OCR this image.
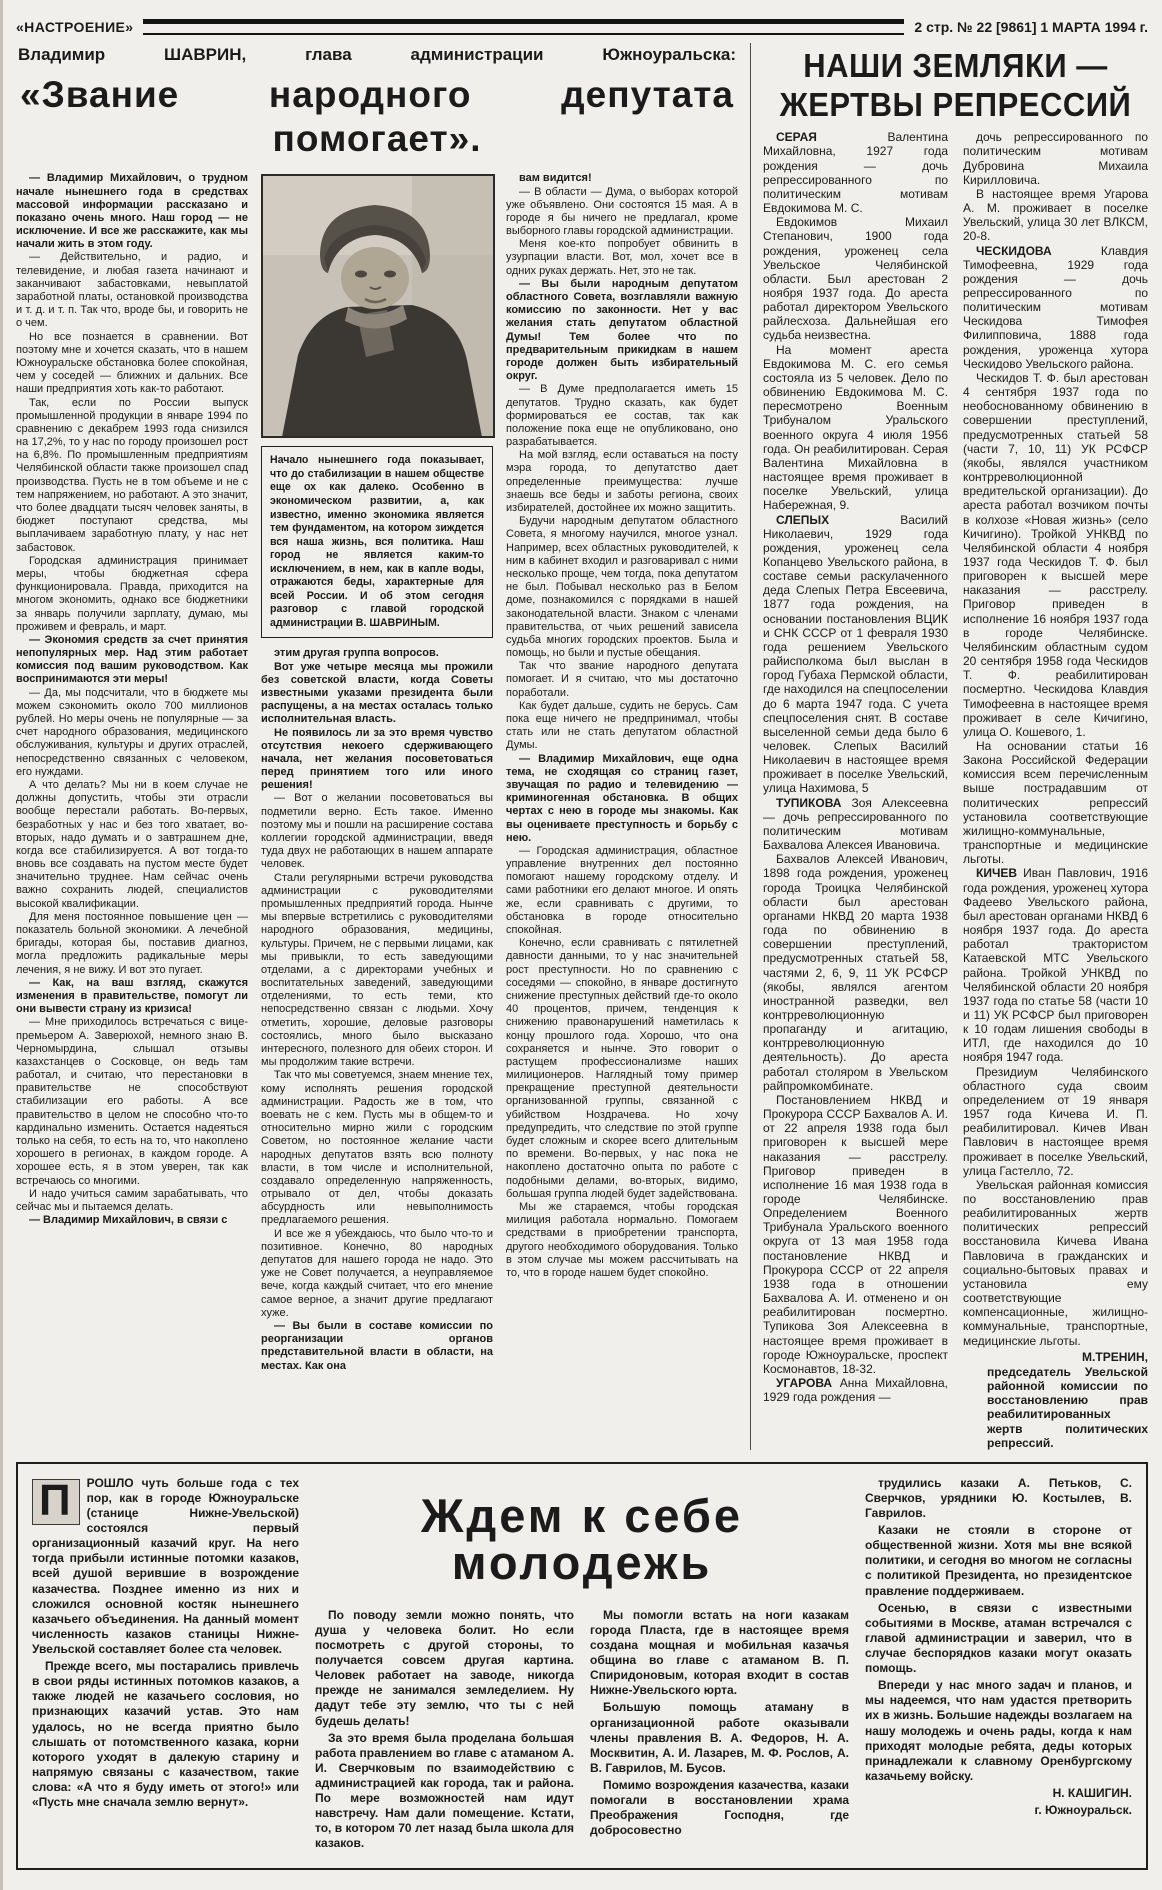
«НАСТРОЕНИЕ»	2 стр. № 22 [9861] 1 МАРТА 1994 г.
Владимир ШАВРИН, глава администрации Южноуральска:
«Звание народного депутата помогает».

— Владимир Михайлович, о трудном начале нынешнего года в средствах массовой информации рассказано и показано очень много. Наш город — не исключение. И все же расскажите, как мы начали жить в этом году.

— Действительно, и радио, и телевидение, и любая газета начинают и заканчивают забастовками, невыплатой заработной платы, остановкой производства и т. д. и т. п. Так что, вроде бы, и говорить не о чем.

Но все познается в сравнении. Вот поэтому мне и хочется сказать, что в нашем Южноуральске обстановка более спокойная, чем у соседей — ближних и дальних. Все наши предприятия хоть как-то работают.

Так, если по России выпуск промышленной продукции в январе 1994 по сравнению с декабрем 1993 года снизился на 17,2%, то у нас по городу произошел рост на 6,8%. По промышленным предприятиям Челябинской области также произошел спад производства. Пусть не в том объеме и не с тем напряжением, но работают. А это значит, что более двадцати тысяч человек заняты, в бюджет поступают средства, мы выплачиваем заработную плату, у нас нет забастовок.

Городская администрация принимает меры, чтобы бюджетная сфера функционировала. Правда, приходится на многом экономить, однако все бюджетники за январь получили зарплату, думаю, мы проживем и февраль, и март.

— Экономия средств за счет принятия непопулярных мер. Над этим работает комиссия под вашим руководством. Как воспринимаются эти меры!

— Да, мы подсчитали, что в бюджете мы можем сэкономить около 700 миллионов рублей. Но меры очень не популярные — за счет народного образования, медицинского обслуживания, культуры и других отраслей, непосредственно связанных с человеком, его нуждами.

А что делать? Мы ни в коем случае не должны допустить, чтобы эти отрасли вообще перестали работать. Во-первых, безработных у нас и без того хватает, во-вторых, надо думать и о завтрашнем дне, когда все стабилизируется. А вот тогда-то вновь все создавать на пустом месте будет значительно труднее. Нам сейчас очень важно сохранить людей, специалистов высокой квалификации.

Для меня постоянное повышение цен — показатель больной экономики. А лечебной бригады, которая бы, поставив диагноз, могла предложить радикальные меры лечения, я не вижу. И вот это пугает.

— Как, на ваш взгляд, скажутся изменения в правительстве, помогут ли они вывести страну из кризиса!

— Мне приходилось встречаться с вице-премьером А. Заверюхой, немного знаю В. Черномырдина, слышал отзывы казахстанцев о Сосковце, он ведь там работал, и считаю, что перестановки в правительстве не способствуют стабилизации его работы. А все правительство в целом не способно что-то кардинально изменить. Остается надеяться только на себя, то есть на то, что накоплено хорошего в регионах, в каждом городе. А хорошее есть, я в этом уверен, так как встречаюсь со многими.

И надо учиться самим зарабатывать, что сейчас мы и пытаемся делать.

— Владимир Михайлович, в связи с

Начало нынешнего года показывает, что до стабилизации в нашем обществе еще ох как далеко. Особенно в экономическом развитии, а, как известно, именно экономика является тем фундаментом, на котором зиждется вся наша жизнь, вся политика. Наш город не является каким-то исключением, в нем, как в капле воды, отражаются беды, характерные для всей России. И об этом сегодня разговор с главой городской администрации В. ШАВРИНЫМ.

этим другая группа вопросов.

Вот уже четыре месяца мы прожили без советской власти, когда Советы известными указами президента были распущены, а на местах осталась только исполнительная власть.

Не появилось ли за это время чувство отсутствия некоего сдерживающего начала, нет желания посоветоваться перед принятием того или иного решения!

— Вот о желании посоветоваться вы подметили верно. Есть такое. Именно поэтому мы и пошли на расширение состава коллегии городской администрации, введя туда двух не работающих в нашем аппарате человек.

Стали регулярными встречи руководства администрации с руководителями промышленных предприятий города. Нынче мы впервые встретились с руководителями народного образования, медицины, культуры. Причем, не с первыми лицами, как мы привыкли, то есть заведующими отделами, а с директорами учебных и воспитательных заведений, заведующими отделениями, то есть теми, кто непосредственно связан с людьми. Хочу отметить, хорошие, деловые разговоры состоялись, много было высказано интересного, полезного для обеих сторон. И мы продолжим такие встречи.

Так что мы советуемся, знаем мнение тех, кому исполнять решения городской администрации. Радость же в том, что воевать не с кем. Пусть мы в общем-то и относительно мирно жили с городским Советом, но постоянное желание части народных депутатов взять всю полноту власти, в том числе и исполнительной, создавало определенную напряженность, отрывало от дел, чтобы доказать абсурдность или невыполнимость предлагаемого решения.

И все же я убеждаюсь, что было что-то и позитивное. Конечно, 80 народных депутатов для нашего города не надо. Это уже не Совет получается, а неуправляемое вече, когда каждый считает, что его мнение самое верное, а значит другие предлагают хуже.

— Вы были в составе комиссии по реорганизации органов представительной власти в области, на местах. Как она

вам видится!

— В области — Дума, о выборах которой уже объявлено. Они состоятся 15 мая. А в городе я бы ничего не предлагал, кроме выборного главы городской администрации.

Меня кое-кто попробует обвинить в узурпации власти. Вот, мол, хочет все в одних руках держать. Нет, это не так.

— Вы были народным депутатом областного Совета, возглавляли важную комиссию по законности. Нет у вас желания стать депутатом областной Думы! Тем более что по предварительным прикидкам в нашем городе должен быть избирательный округ.

— В Думе предполагается иметь 15 депутатов. Трудно сказать, как будет формироваться ее состав, так как положение пока еще не опубликовано, оно разрабатывается.

На мой взгляд, если оставаться на посту мэра города, то депутатство дает определенные преимущества: лучше знаешь все беды и заботы региона, своих избирателей, достойнее их можно защитить.

Будучи народным депутатом областного Совета, я многому научился, многое узнал. Например, всех областных руководителей, к ним в кабинет входил и разговаривал с ними несколько проще, чем тогда, пока депутатом не был. Побывал несколько раз в Белом доме, познакомился с порядками в нашей законодательной власти. Знаком с членами правительства, от чьих решений зависела судьба многих городских проектов. Была и помощь, но были и пустые обещания.

Так что звание народного депутата помогает. И я считаю, что мы достаточно поработали.

Как будет дальше, судить не берусь. Сам пока еще ничего не предпринимал, чтобы стать или не стать депутатом областной Думы.

— Владимир Михайлович, еще одна тема, не сходящая со страниц газет, звучащая по радио и телевидению — криминогенная обстановка. В общих чертах с нею в городе мы знакомы. Как вы оцениваете преступность и борьбу с нею.

— Городская администрация, областное управление внутренних дел постоянно помогают нашему городскому отделу. И сами работники его делают многое. И опять же, если сравнивать с другими, то обстановка в городе относительно спокойная.

Конечно, если сравнивать с пятилетней давности данными, то у нас значительней рост преступности. Но по сравнению с соседями — спокойно, в январе достигнуто снижение преступных действий где-то около 40 процентов, причем, тенденция к снижению правонарушений наметилась к концу прошлого года. Хорошо, что она сохраняется и нынче. Это говорит о растущем профессионализме наших милиционеров. Наглядный тому пример прекращение преступной деятельности организованной группы, связанной с убийством Ноздрачева. Но хочу предупредить, что следствие по этой группе будет сложным и скорее всего длительным по времени. Во-первых, у нас пока не накоплено достаточно опыта по работе с подобными делами, во-вторых, видимо, большая группа людей будет задействована.

Мы же стараемся, чтобы городская милиция работала нормально. Помогаем средствами в приобретении транспорта, другого необходимого оборудования. Только в этом случае мы можем рассчитывать на то, что в городе нашем будет спокойно.

НАШИ ЗЕМЛЯКИ —
ЖЕРТВЫ РЕПРЕССИЙ

СЕРАЯ Валентина Михайловна, 1927 года рождения — дочь репрессированного по политическим мотивам Евдокимова М. С.

Евдокимов Михаил Степанович, 1900 года рождения, уроженец села Увельское Челябинской области. Был арестован 2 ноября 1937 года. До ареста работал директором Увельского райлесхоза. Дальнейшая его судьба неизвестна.

На момент ареста Евдокимова М. С. его семья состояла из 5 человек. Дело по обвинению Евдокимова М. С. пересмотрено Военным Трибуналом Уральского военного округа 4 июля 1956 года. Он реабилитирован. Серая Валентина Михайловна в настоящее время проживает в поселке Увельский, улица Набережная, 9.

СЛЕПЫХ Василий Николаевич, 1929 года рождения, уроженец села Копанцево Увельского района, в составе семьи раскулаченного деда Слепых Петра Евсеевича, 1877 года рождения, на основании постановления ВЦИК и СНК СССР от 1 февраля 1930 года решением Увельского райисполкома был выслан в город Губаха Пермской области, где находился на спецпоселении до 6 марта 1947 года. С учета спецпоселения снят. В составе выселенной семьи деда было 6 человек. Слепых Василий Николаевич в настоящее время проживает в поселке Увельский, улица Нахимова, 5

ТУПИКОВА Зоя Алексеевна — дочь репрессированного по политическим мотивам Бахвалова Алексея Ивановича.

Бахвалов Алексей Иванович, 1898 года рождения, уроженец города Троицка Челябинской области был арестован органами НКВД 20 марта 1938 года по обвинению в совершении преступлений, предусмотренных статьей 58, частями 2, 6, 9, 11 УК РСФСР (якобы, являлся агентом иностранной разведки, вел контрреволюционную пропаганду и агитацию, контрреволюционную деятельность). До ареста работал столяром в Увельском райпромкомбинате.

Постановлением НКВД и Прокурора СССР Бахвалов А. И. от 22 апреля 1938 года был приговорен к высшей мере наказания — расстрелу. Приговор приведен в исполнение 16 мая 1938 года в городе Челябинске. Определением Военного Трибунала Уральского военного округа от 13 мая 1958 года постановление НКВД и Прокурора СССР от 22 апреля 1938 года в отношении Бахвалова А. И. отменено и он реабилитирован посмертно. Тупикова Зоя Алексеевна в настоящее время проживает в городе Южноуральске, проспект Космонавтов, 18-32.

УГАРОВА Анна Михайловна, 1929 года рождения —

дочь репрессированного по политическим мотивам Дубровина Михаила Кирилловича.

В настоящее время Угарова А. М. проживает в поселке Увельский, улица 30 лет ВЛКСМ, 20-8.

ЧЕСКИДОВА Клавдия Тимофеевна, 1929 года рождения — дочь репрессированного по политическим мотивам Ческидова Тимофея Филипповича, 1888 года рождения, уроженца хутора Ческидово Увельского района.

Ческидов Т. Ф. был арестован 4 сентября 1937 года по необоснованному обвинению в совершении преступлений, предусмотренных статьей 58 (части 7, 10, 11) УК РСФСР (якобы, являлся участником контрреволюционной вредительской организации). До ареста работал возчиком почты в колхозе «Новая жизнь» (село Кичигино). Тройкой УНКВД по Челябинской области 4 ноября 1937 года Ческидов Т. Ф. был приговорен к высшей мере наказания — расстрелу. Приговор приведен в исполнение 16 ноября 1937 года в городе Челябинске. Челябинским областным судом 20 сентября 1958 года Ческидов Т. Ф. реабилитирован посмертно. Ческидова Клавдия Тимофеевна в настоящее время проживает в селе Кичигино, улица О. Кошевого, 1.

На основании статьи 16 Закона Российской Федерации комиссия всем перечисленным выше пострадавшим от политических репрессий установила соответствующие жилищно-коммунальные, транспортные и медицинские льготы.

КИЧЕВ Иван Павлович, 1916 года рождения, уроженец хутора Фадеево Увельского района, был арестован органами НКВД 6 ноября 1937 года. До ареста работал трактористом Катаевской МТС Увельского района. Тройкой УНКВД по Челябинской области 20 ноября 1937 года по статье 58 (части 10 и 11) УК РСФСР был приговорен к 10 годам лишения свободы в ИТЛ, где находился до 10 ноября 1947 года.

Президиум Челябинского областного суда своим определением от 19 января 1957 года Кичева И. П. реабилитировал. Кичев Иван Павлович в настоящее время проживает в поселке Увельский, улица Гастелло, 72.

Увельская районная комиссия по восстановлению прав реабилитированных жертв политических репрессий восстановила Кичева Ивана Павловича в гражданских и социально-бытовых правах и установила ему соответствующие компенсационные, жилищно-коммунальные, транспортные, медицинские льготы.

М.ТРЕНИН,

председатель Увельской районной комиссии по восстановлению прав реабилитированных жертв политических репрессий.

ПРОШЛО чуть больше года с тех пор, как в городе Южноуральске (станице Нижне-Увельской) состоялся первый организационный казачий круг. На него тогда прибыли истинные потомки казаков, всей душой верившие в возрождение казачества. Позднее именно из них и сложился основной костяк нынешнего казачьего объединения. На данный момент численность казаков станицы Нижне-Увельской составляет более ста человек.

Прежде всего, мы постарались привлечь в свои ряды истинных потомков казаков, а также людей не казачьего сословия, но признающих казачий устав. Это нам удалось, но не всегда приятно было слышать от потомственного казака, корни которого уходят в далекую старину и напрямую связаны с казачеством, такие слова: «А что я буду иметь от этого!» или «Пусть мне сначала землю вернут».

Ждем к себе молодежь

По поводу земли можно понять, что душа у человека болит. Но если посмотреть с другой стороны, то получается совсем другая картина. Человек работает на заводе, никогда прежде не занимался земледелием. Ну дадут тебе эту землю, что ты с ней будешь делать!

За это время была проделана большая работа правлением во главе с атаманом А. И. Сверчковым по взаимодействию с администрацией как города, так и района. По мере возможностей нам идут навстречу. Нам дали помещение. Кстати, то, в котором 70 лет назад была школа для казаков.

Мы помогли встать на ноги казакам города Пласта, где в настоящее время создана мощная и мобильная казачья община во главе с атаманом В. П. Спиридоновым, которая входит в состав Нижне-Увельского юрта.

Большую помощь атаману в организационной работе оказывали члены правления В. А. Федоров, Н. А. Москвитин, А. И. Лазарев, М. Ф. Рослов, А. В. Гаврилов, М. Бусов.

Помимо возрождения казачества, казаки помогали в восстановлении храма Преображения Господня, где добросовестно

трудились казаки А. Петьков, С. Сверчков, урядники Ю. Костылев, В. Гаврилов.

Казаки не стояли в стороне от общественной жизни. Хотя мы вне всякой политики, и сегодня во многом не согласны с политикой Президента, но президентское правление поддерживаем.

Осенью, в связи с известными событиями в Москве, атаман встречался с главой администрации и заверил, что в случае беспорядков казаки могут оказать помощь.

Впереди у нас много задач и планов, и мы надеемся, что нам удастся претворить их в жизнь. Большие надежды возлагаем на нашу молодежь и очень рады, когда к нам приходят молодые ребята, деды которых принадлежали к славному Оренбургскому казачьему войску.

Н. КАШИГИН.

г. Южноуральск.
